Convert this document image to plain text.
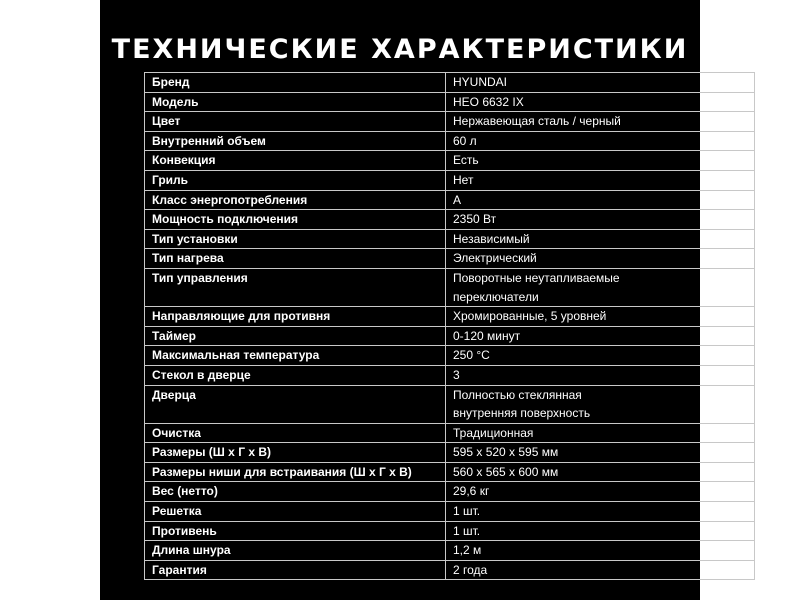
ТЕХНИЧЕСКИЕ ХАРАКТЕРИСТИКИ
Бренд	HYUNDAI

Модель	HEO 6632 IX

Цвет	Нержавеющая сталь / черный

Внутренний объем	60 л

Конвекция	Есть

Гриль	Нет

Класс энергопотребления	A

Мощность подключения	2350 Вт

Тип установки	Независимый

Тип нагрева	Электрический

Тип управления	Поворотные неутапливаемые
переключатели

Направляющие для противня	Хромированные, 5 уровней

Таймер	0-120 минут

Максимальная температура	250 °C

Стекол в дверце	3

Дверца	Полностью стеклянная
внутренняя поверхность

Очистка	Традиционная

Размеры (Ш х Г х В)	595 х 520 х 595 мм

Размеры ниши для встраивания (Ш х Г х В)	560 х 565 х 600 мм

Вес (нетто)	29,6 кг

Решетка	1 шт.

Противень	1 шт.

Длина шнура	1,2 м

Гарантия	2 года
